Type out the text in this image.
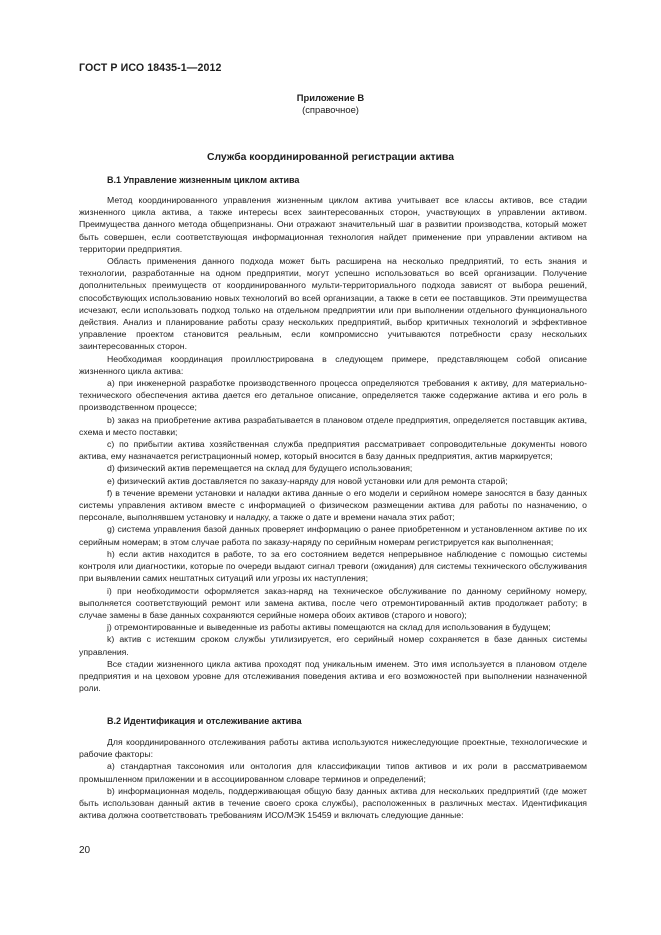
ГОСТ Р ИСО 18435-1—2012
Приложение В
(справочное)
Служба координированной регистрации актива
В.1 Управление жизненным циклом актива

Метод координированного управления жизненным циклом актива учитывает все классы активов, все стадии жизненного цикла актива, а также интересы всех заинтересованных сторон, участвующих в управлении активом. Преимущества данного метода общепризнаны. Они отражают значительный шаг в развитии производства, который может быть совершен, если соответствующая информационная технология найдет применение при управлении активом на территории предприятия.

Область применения данного подхода может быть расширена на несколько предприятий, то есть знания и технологии, разработанные на одном предприятии, могут успешно использоваться во всей организации. Получение дополнительных преимуществ от координированного мульти-территориального подхода зависят от выбора решений, способствующих использованию новых технологий во всей организации, а также в сети ее поставщиков. Эти преимущества исчезают, если использовать подход только на отдельном предприятии или при выполнении отдельного функционального действия. Анализ и планирование работы сразу нескольких предприятий, выбор критичных технологий и эффективное управление проектом становится реальным, если компромиссно учитываются потребности сразу нескольких заинтересованных сторон.

Необходимая координация проиллюстрирована в следующем примере, представляющем собой описание жизненного цикла актива:

а) при инженерной разработке производственного процесса определяются требования к активу, для материально-технического обеспечения актива дается его детальное описание, определяется также содержание актива и его роль в производственном процессе;

b) заказ на приобретение актива разрабатывается в плановом отделе предприятия, определяется поставщик актива, схема и место поставки;

c) по прибытии актива хозяйственная служба предприятия рассматривает сопроводительные документы нового актива, ему назначается регистрационный номер, который вносится в базу данных предприятия, актив маркируется;

d) физический актив перемещается на склад для будущего использования;

e) физический актив доставляется по заказу-наряду для новой установки или для ремонта старой;

f) в течение времени установки и наладки актива данные о его модели и серийном номере заносятся в базу данных системы управления активом вместе с информацией о физическом размещении актива для работы по назначению, о персонале, выполнявшем установку и наладку, а также о дате и времени начала этих работ;

g) система управления базой данных проверяет информацию о ранее приобретенном и установленном активе по их серийным номерам; в этом случае работа по заказу-наряду по серийным номерам регистрируется как выполненная;

h) если актив находится в работе, то за его состоянием ведется непрерывное наблюдение с помощью системы контроля или диагностики, которые по очереди выдают сигнал тревоги (ожидания) для системы технического обслуживания при выявлении самих нештатных ситуаций или угрозы их наступления;

i) при необходимости оформляется заказ-наряд на техническое обслуживание по данному серийному номеру, выполняется соответствующий ремонт или замена актива, после чего отремонтированный актив продолжает работу; в случае замены в базе данных сохраняются серийные номера обоих активов (старого и нового);

j) отремонтированные и выведенные из работы активы помещаются на склад для использования в будущем;

k) актив с истекшим сроком службы утилизируется, его серийный номер сохраняется в базе данных системы управления.

Все стадии жизненного цикла актива проходят под уникальным именем. Это имя используется в плановом отделе предприятия и на цеховом уровне для отслеживания поведения актива и его возможностей при выполнении назначенной роли.

В.2 Идентификация и отслеживание актива

Для координированного отслеживания работы актива используются нижеследующие проектные, технологические и рабочие факторы:

a) стандартная таксономия или онтология для классификации типов активов и их роли в рассматриваемом промышленном приложении и в ассоциированном словаре терминов и определений;

b) информационная модель, поддерживающая общую базу данных актива для нескольких предприятий (где может быть использован данный актив в течение своего срока службы), расположенных в различных местах. Идентификация актива должна соответствовать требованиям ИСО/МЭК 15459 и включать следующие данные:

20
